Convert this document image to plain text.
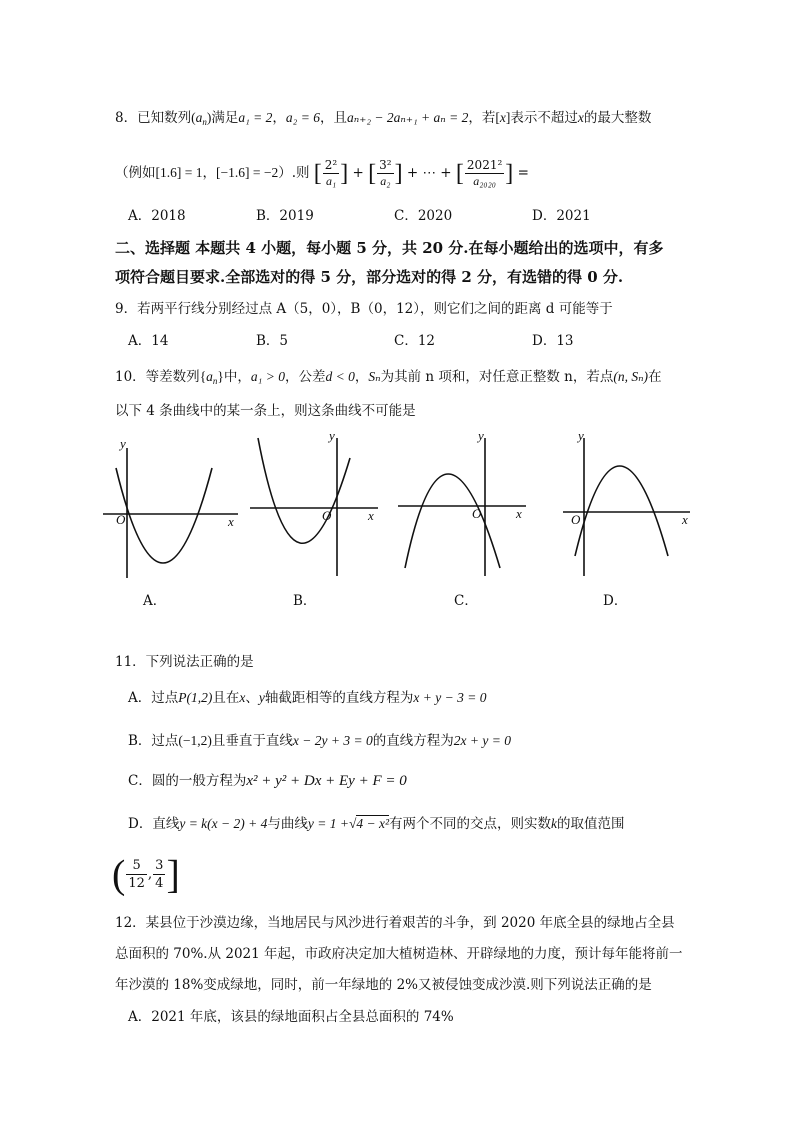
8．已知数列$(a_n)$满足a₁ = 2，a₂ = 6，且aₙ₊₂ − 2aₙ₊₁ + aₙ = 2，若[x]表示不超过x的最大整数
（例如[1.6] = 1，[−1.6] = −2）.则 [ $\frac{\text{2²}}{\text{a₁}}$ ] + [ $\frac{\text{3²}}{\text{a₂}}$ ] + ⋯ + [ $\frac{\text{2021²}}{\text{a₂₀₂₀}}$ ] =
A．2018	B．2019	C．2020	D．2021
二、选择题 本题共 4 小题，每小题 5 分，共 20 分.在每小题给出的选项中，有多
项符合题目要求.全部选对的得 5 分，部分选对的得 2 分，有选错的得 0 分.
9．若两平行线分别经过点 A（5，0），B（0，12），则它们之间的距离 d 可能等于
A．14	B．5	C．12	D．13
10．等差数列$\{a_n\}$中，a₁ > 0，公差d < 0，Sₙ为其前 n 项和，对任意正整数 n，若点(n, Sₙ)在
以下 4 条曲线中的某一条上，则这条曲线不可能是
y
x
O
y
x
O
y
x
O
y
x
O
A．	B．	C．	D．
11．下列说法正确的是
A．过点P(1,2)且在x、y轴截距相等的直线方程为x + y − 3 = 0
B．过点(−1,2)且垂直于直线x − 2y + 3 = 0的直线方程为2x + y = 0
C．圆的一般方程为x² + y² + Dx + Ey + F = 0
D．直线y = k(x − 2) + 4与曲线y = 1 +√4 − x²有两个不同的交点，则实数k的取值范围
( $\frac{5}{12}$ , $\frac{3}{4}$ ]
12．某县位于沙漠边缘，当地居民与风沙进行着艰苦的斗争，到 2020 年底全县的绿地占全县
总面积的 70%.从 2021 年起，市政府决定加大植树造林、开辟绿地的力度，预计每年能将前一
年沙漠的 18%变成绿地，同时，前一年绿地的 2%又被侵蚀变成沙漠.则下列说法正确的是
A．2021 年底，该县的绿地面积占全县总面积的 74%
